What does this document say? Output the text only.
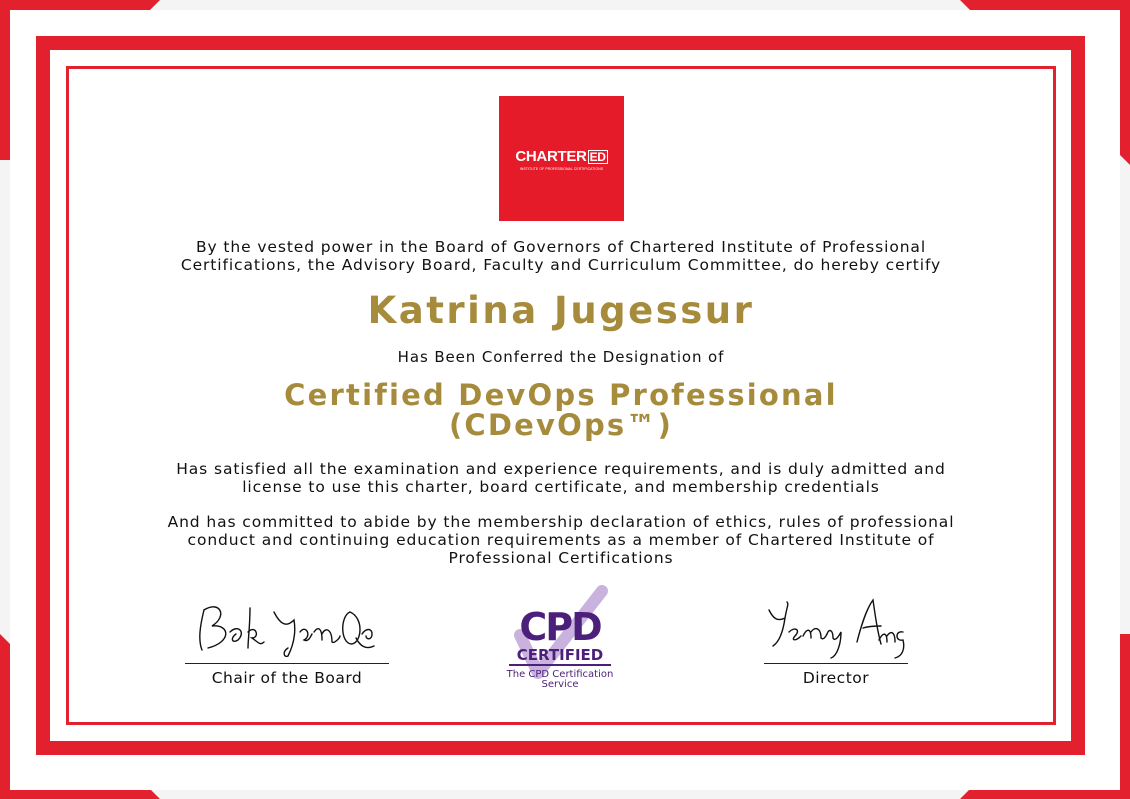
CHARTER ED
INSTITUTE OF PROFESSIONAL CERTIFICATIONS
By the vested power in the Board of Governors of Chartered Institute of Professional
Certifications, the Advisory Board, Faculty and Curriculum Committee, do hereby certify
Katrina Jugessur
Has Been Conferred the Designation of
Certified DevOps Professional
(CDevOps™)
Has satisfied all the examination and experience requirements, and is duly admitted and
license to use this charter, board certificate, and membership credentials
And has committed to abide by the membership declaration of ethics, rules of professional
conduct and continuing education requirements as a member of Chartered Institute of
Professional Certifications
Chair of the Board
CPD
CERTIFIED
The CPD Certification
Service	Director
